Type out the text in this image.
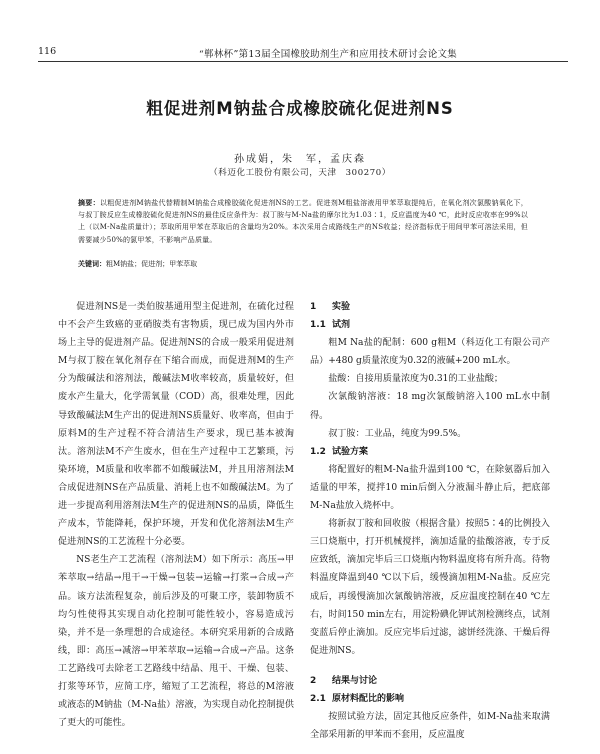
116	“郸林杯”第13届全国橡胶助剂生产和应用技术研讨会论文集
粗促进剂M钠盐合成橡胶硫化促进剂NS
孙成娟，朱　军，孟庆森
（科迈化工股份有限公司，天津　300270）
摘要：以粗促进剂M钠盐代替精制M钠盐合成橡胶硫化促进剂NS的工艺。促进剂M粗盐溶液用甲苯萃取提纯后，在氧化剂次氯酸钠氧化下，与叔丁胺反应生成橡胶硫化促进剂NS的最佳反应条件为：叔丁胺与M-Na盐的摩尔比为1.03∶1，反应温度为40 ℃，此时反应收率在99%以上（以M-Na盐质量计）；萃取所用甲苯在萃取后的含量均为20%。本次采用合成路线生产的NS收益；经济指标优于用间甲苯可溶法采用，但需要减少50%的氯甲苯，不影响产品质量。
关键词：粗M钠盐；促进剂；甲苯萃取

促进剂NS是一类伯胺基通用型主促进剂，在硫化过程中不会产生致癌的亚硝胺类有害物质，现已成为国内外市场上主导的促进剂产品。促进剂NS的合成一般采用促进剂M与叔丁胺在氧化剂存在下缩合而成，而促进剂M的生产分为酸碱法和溶剂法，酸碱法M收率较高，质量较好，但废水产生量大，化学需氧量（COD）高，很难处理，因此导致酸碱法M生产出的促进剂NS质量好、收率高，但由于原料M的生产过程不符合清洁生产要求，现已基本被淘汰。溶剂法M不产生废水，但在生产过程中工艺繁琐，污染环境，M质量和收率都不如酸碱法M，并且用溶剂法M合成促进剂NS在产品质量、消耗上也不如酸碱法M。为了进一步提高利用溶剂法M生产的促进剂NS的品质，降低生产成本，节能降耗，保护环境，开发和优化溶剂法M生产促进剂NS的工艺流程十分必要。

NS老生产工艺流程（溶剂法M）如下所示：高压→甲苯萃取→结晶→甩干→干燥→包装→运输→打浆→合成→产品。该方法流程复杂，前后涉及的可聚工序，装卸物质不均匀性使得其实现自动化控制可能性较小，容易造成污染，并不是一条理想的合成途径。本研究采用新的合成路线，即：高压→减溶→甲苯萃取→运输→合成→产品。这条工艺路线可去除老工艺路线中结晶、甩干、干燥、包装、打浆等环节，应简工序，缩短了工艺流程，将总的M溶液或液态的M钠盐（M-Na盐）溶液，为实现自动化控制提供了更大的可能性。

1 实验

1.1 试剂

粗M Na盐的配制：600 g粗M（科迈化工有限公司产品）+480 g质量浓度为0.32的液碱+200 mL水。

盐酸：自接用质量浓度为0.31的工业盐酸；

次氯酸钠溶液：18 mg次氯酸钠溶入100 mL水中制得。

叔丁胺：工业品，纯度为99.5%。

1.2 试验方案

将配置好的粗M-Na盐升温到100 ℃，在除氨器后加入适量的甲苯，搅拌10 min后倒入分液漏斗静止后，把底部M-Na盐放入烧杯中。

将新叔丁胺和回收胺（根据含量）按照5∶4的比例投入三口烧瓶中，打开机械搅拌，滴加适量的盐酸溶液，专于反应致纸，滴加完毕后三口烧瓶内物料温度将有所升高。待物料温度降温到40 ℃以下后，缓慢滴加粗M-Na盐。反应完成后，再缓慢滴加次氯酸钠溶液，反应温度控制在40 ℃左右，时间150 min左右，用淀粉碘化钾试剂检测终点，试剂变蓝后停止滴加。反应完毕后过滤，滤饼经洗涤、干燥后得促进剂NS。

2 结果与讨论

2.1 原材料配比的影响

按照试验方法，固定其他反应条件，如M-Na盐来取满全部采用新的甲苯而不套用，反应温度
